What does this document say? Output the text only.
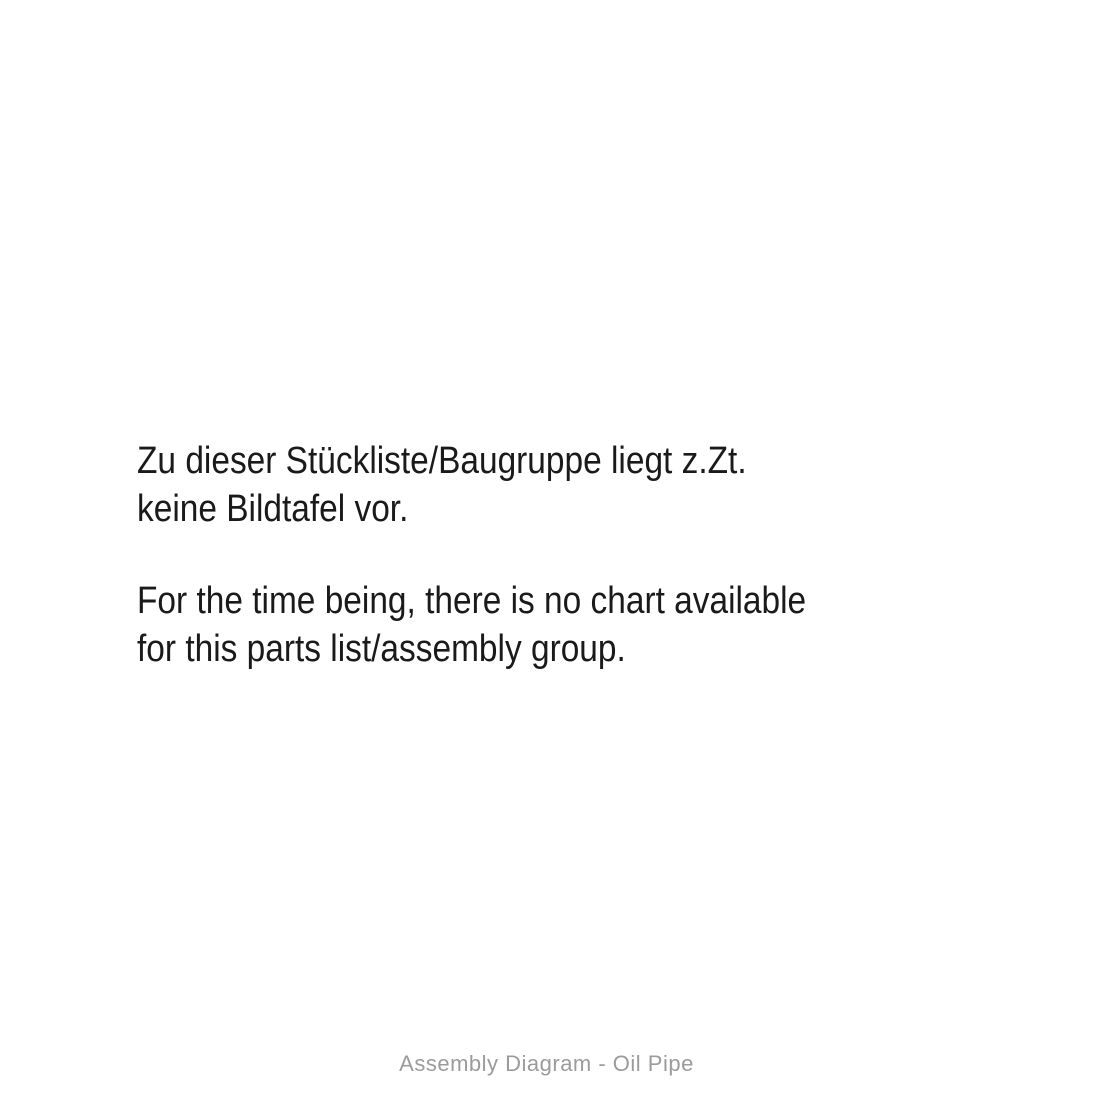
Zu dieser Stückliste/Baugruppe liegt z.Zt.
keine Bildtafel vor.
For the time being, there is no chart available
for this parts list/assembly group.
Assembly Diagram - Oil Pipe
